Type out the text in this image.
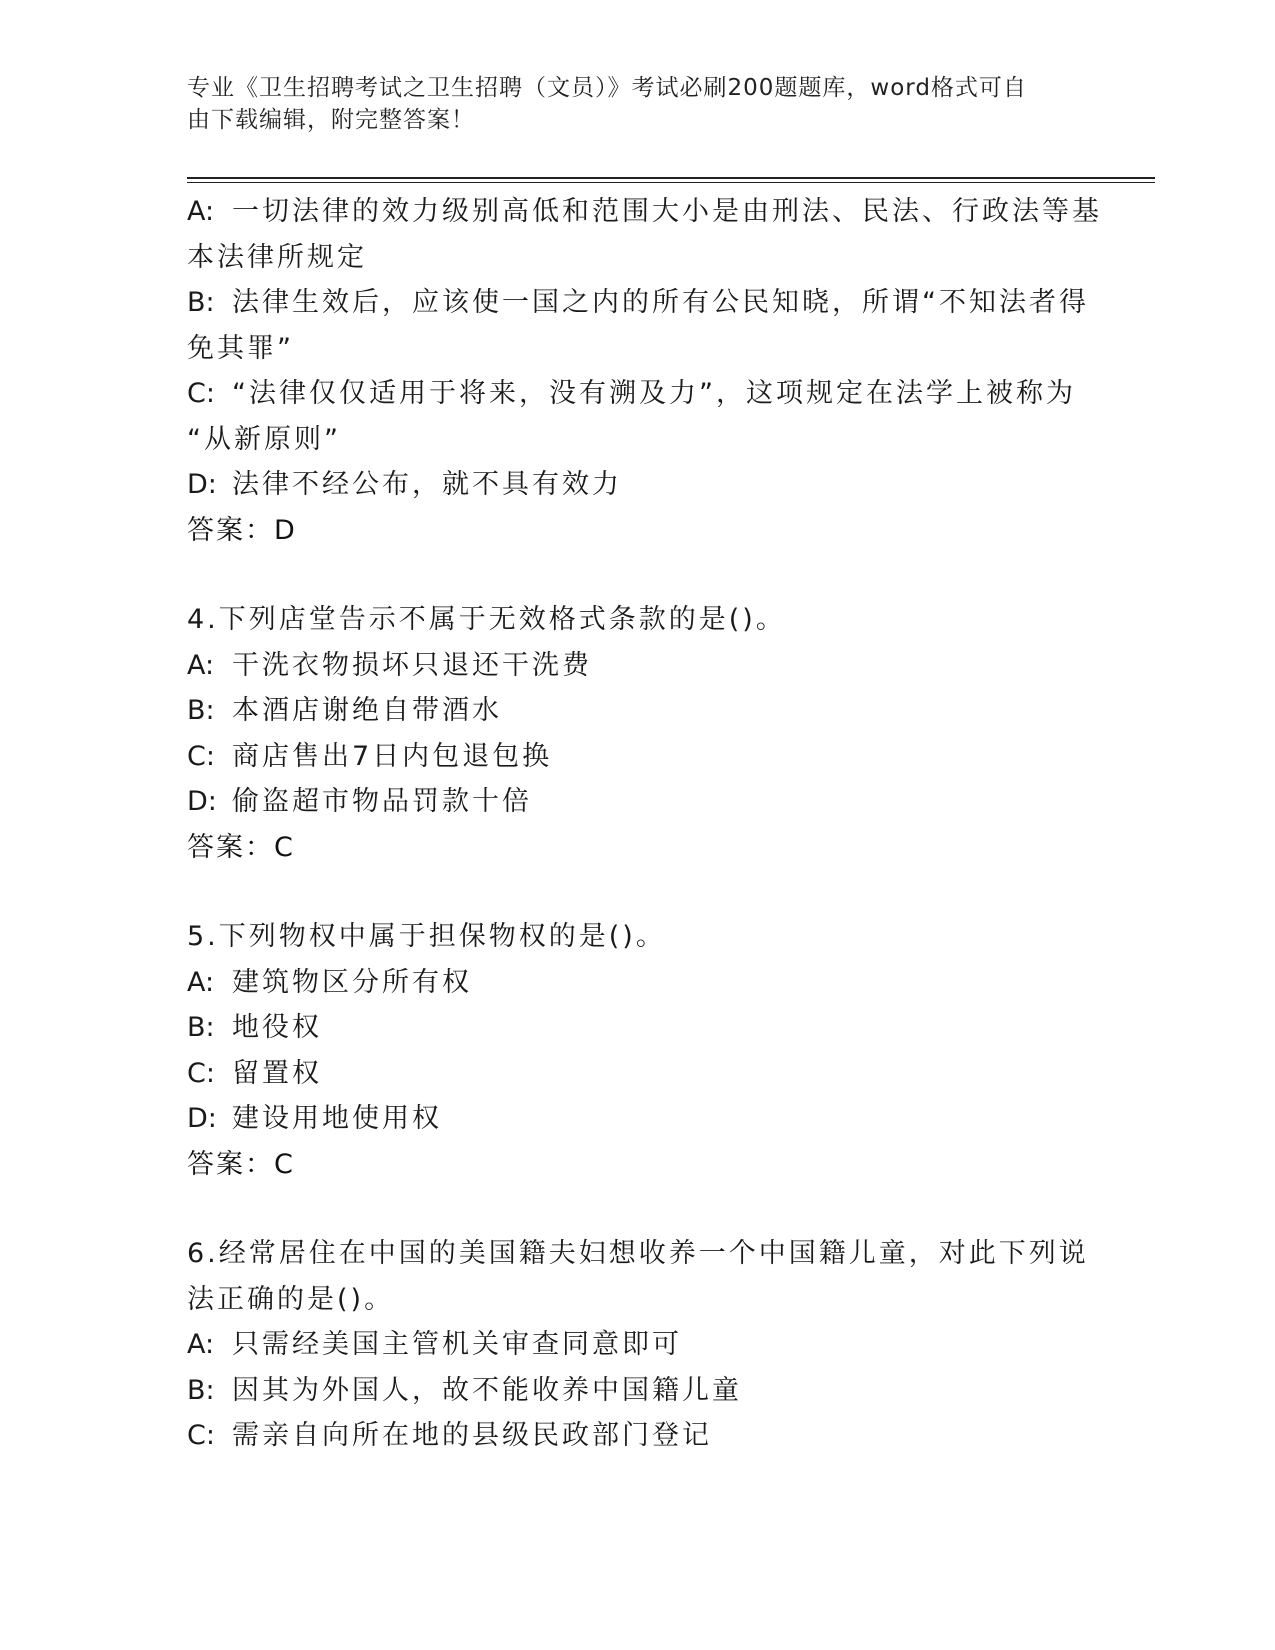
专业《卫生招聘考试之卫生招聘（文员）》考试必刷200题题库，word格式可自
由下载编辑，附完整答案！
A: 一切法律的效力级别高低和范围大小是由刑法、民法、行政法等基
本法律所规定
B: 法律生效后，应该使一国之内的所有公民知晓，所谓“不知法者得
免其罪”
C: “法律仅仅适用于将来，没有溯及力”，这项规定在法学上被称为
“从新原则”
D: 法律不经公布，就不具有效力
答案：D
4.下列店堂告示不属于无效格式条款的是()。
A: 干洗衣物损坏只退还干洗费
B: 本酒店谢绝自带酒水
C: 商店售出7日内包退包换
D: 偷盗超市物品罚款十倍
答案：C
5.下列物权中属于担保物权的是()。
A: 建筑物区分所有权
B: 地役权
C: 留置权
D: 建设用地使用权
答案：C
6.经常居住在中国的美国籍夫妇想收养一个中国籍儿童，对此下列说
法正确的是()。
A: 只需经美国主管机关审查同意即可
B: 因其为外国人，故不能收养中国籍儿童
C: 需亲自向所在地的县级民政部门登记
